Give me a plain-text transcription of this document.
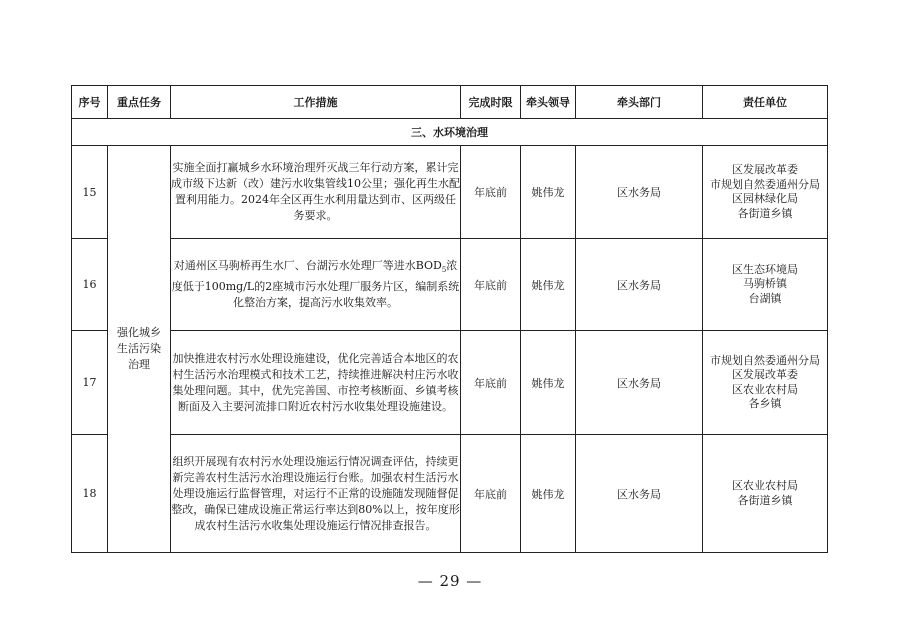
序号	重点任务	工作措施	完成时限	牵头领导	牵头部门	责任单位
三、水环境治理						
15	强化城乡生活污染治理	实施全面打赢城乡水环境治理歼灭战三年行动方案，累计完成市级下达新（改）建污水收集管线10公里；强化再生水配置利用能力。2024年全区再生水利用量达到市、区两级任务要求。	年底前	姚伟龙	区水务局	区发展改革委
市规划自然委通州分局
区园林绿化局
各街道乡镇

16		对通州区马驹桥再生水厂、台湖污水处理厂等进水$BOD_5$浓度低于100mg/L的2座城市污水处理厂服务片区，编制系统化整治方案，提高污水收集效率。	年底前	姚伟龙	区水务局	区生态环境局
马驹桥镇
台湖镇

17		加快推进农村污水处理设施建设，优化完善适合本地区的农村生活污水治理模式和技术工艺，持续推进解决村庄污水收集处理问题。其中，优先完善国、市控考核断面、乡镇考核断面及入主要河流排口附近农村污水收集处理设施建设。	年底前	姚伟龙	区水务局	市规划自然委通州分局
区发展改革委
区农业农村局
各乡镇

18		组织开展现有农村污水处理设施运行情况调查评估，持续更新完善农村生活污水治理设施运行台账。加强农村生活污水处理设施运行监督管理，对运行不正常的设施随发现随督促整改，确保已建成设施正常运行率达到80%以上，按年度形成农村生活污水收集处理设施运行情况排查报告。	年底前	姚伟龙	区水务局	区农业农村局
各街道乡镇
— 29 —
